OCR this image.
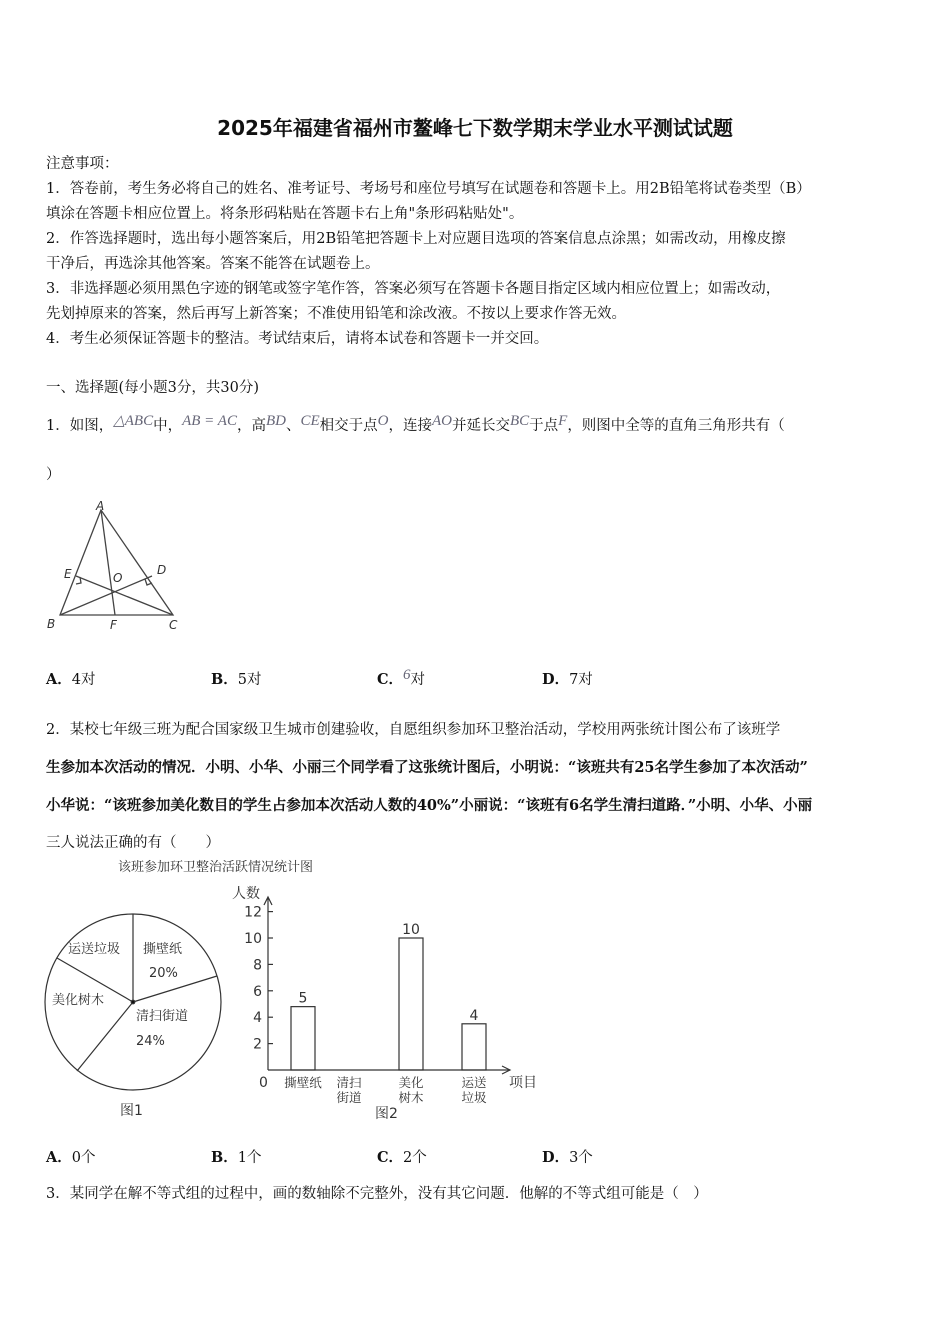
2025年福建省福州市鳌峰七下数学期末学业水平测试试题
注意事项：
1．答卷前，考生务必将自己的姓名、准考证号、考场号和座位号填写在试题卷和答题卡上。用2B铅笔将试卷类型（B）
填涂在答题卡相应位置上。将条形码粘贴在答题卡右上角"条形码粘贴处"。
2．作答选择题时，选出每小题答案后，用2B铅笔把答题卡上对应题目选项的答案信息点涂黑；如需改动，用橡皮擦
干净后，再选涂其他答案。答案不能答在试题卷上。
3．非选择题必须用黑色字迹的钢笔或签字笔作答，答案必须写在答题卡各题目指定区域内相应位置上；如需改动，
先划掉原来的答案，然后再写上新答案；不准使用铅笔和涂改液。不按以上要求作答无效。
4．考生必须保证答题卡的整洁。考试结束后，请将本试卷和答题卡一并交回。
一、选择题(每小题3分，共30分)
1．如图，△ABC中，AB = AC，高BD、CE相交于点O，连接AO并延长交BC于点F，则图中全等的直角三角形共有（
）
A
B	C
D
E
F
O
该班参加环卫整治活跃情况统计图
撕壁纸
20%
清扫街道
24%
美化树木
运送垃圾
图1
人数
项目
0
图2
2
4
6
8
10
12
撕壁纸
5
清扫
街道
美化
树木
10
运送
垃圾
4
A．4对	B．5对	C．6对	D．7对
2．某校七年级三班为配合国家级卫生城市创建验收，自愿组织参加环卫整治活动，学校用两张统计图公布了该班学
生参加本次活动的情况．小明、小华、小丽三个同学看了这张统计图后，小明说：“该班共有25名学生参加了本次活动”
小华说：“该班参加美化数目的学生占参加本次活动人数的40%”小丽说：“该班有6名学生清扫道路．”小明、小华、小丽
三人说法正确的有（　　）
A．0个	B．1个	C．2个	D．3个
3．某同学在解不等式组的过程中，画的数轴除不完整外，没有其它问题．他解的不等式组可能是（　）
